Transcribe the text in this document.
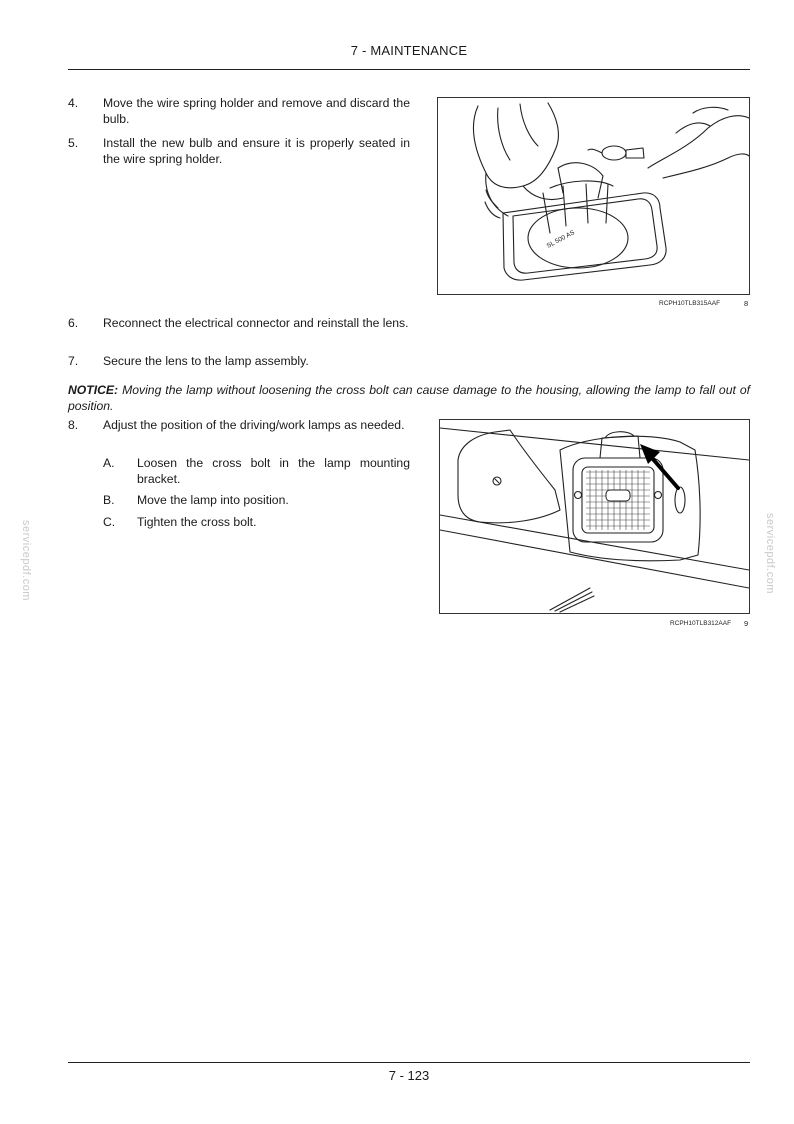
7 - MAINTENANCE
4. Move the wire spring holder and remove and discard the bulb.
5. Install the new bulb and ensure it is properly seated in the wire spring holder.
SL 500 AS
RCPH10TLB315AAF	8
6. Reconnect the electrical connector and reinstall the lens.
7. Secure the lens to the lamp assembly.
NOTICE: Moving the lamp without loosening the cross bolt can cause damage to the housing, allowing the lamp to fall out of position.
8. Adjust the position of the driving/work lamps as needed.
A. Loosen the cross bolt in the lamp mounting bracket.
B. Move the lamp into position.
C. Tighten the cross bolt.
RCPH10TLB312AAF 9
servicepdf.com	servicepdf.com
7 - 123
